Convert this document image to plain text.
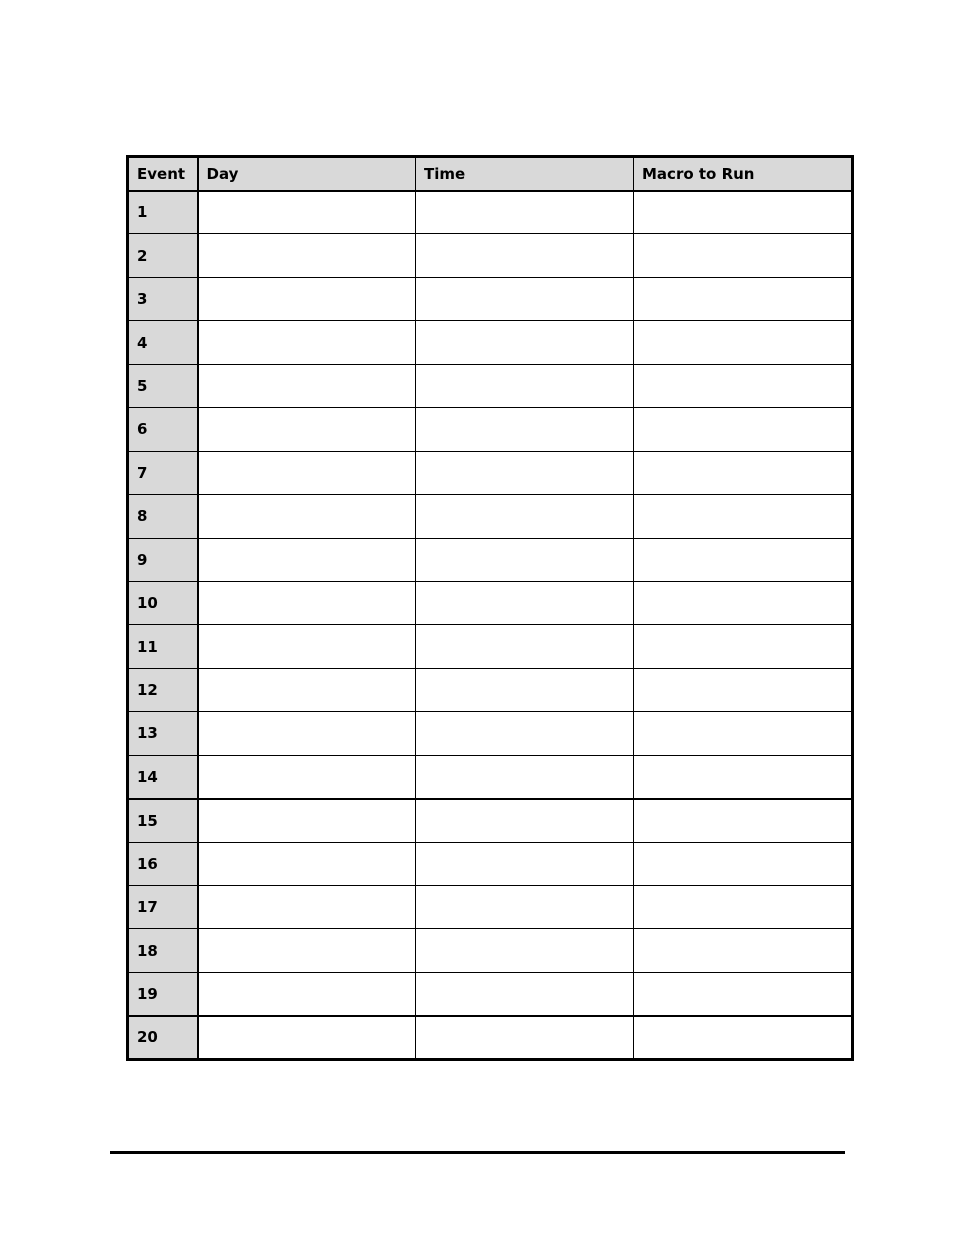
Event	Day	Time	Macro to Run
1			
2			
3			
4			
5			
6			
7			
8			
9			
10			
11			
12			
13			
14			
15			
16			
17			
18			
19			
20			
